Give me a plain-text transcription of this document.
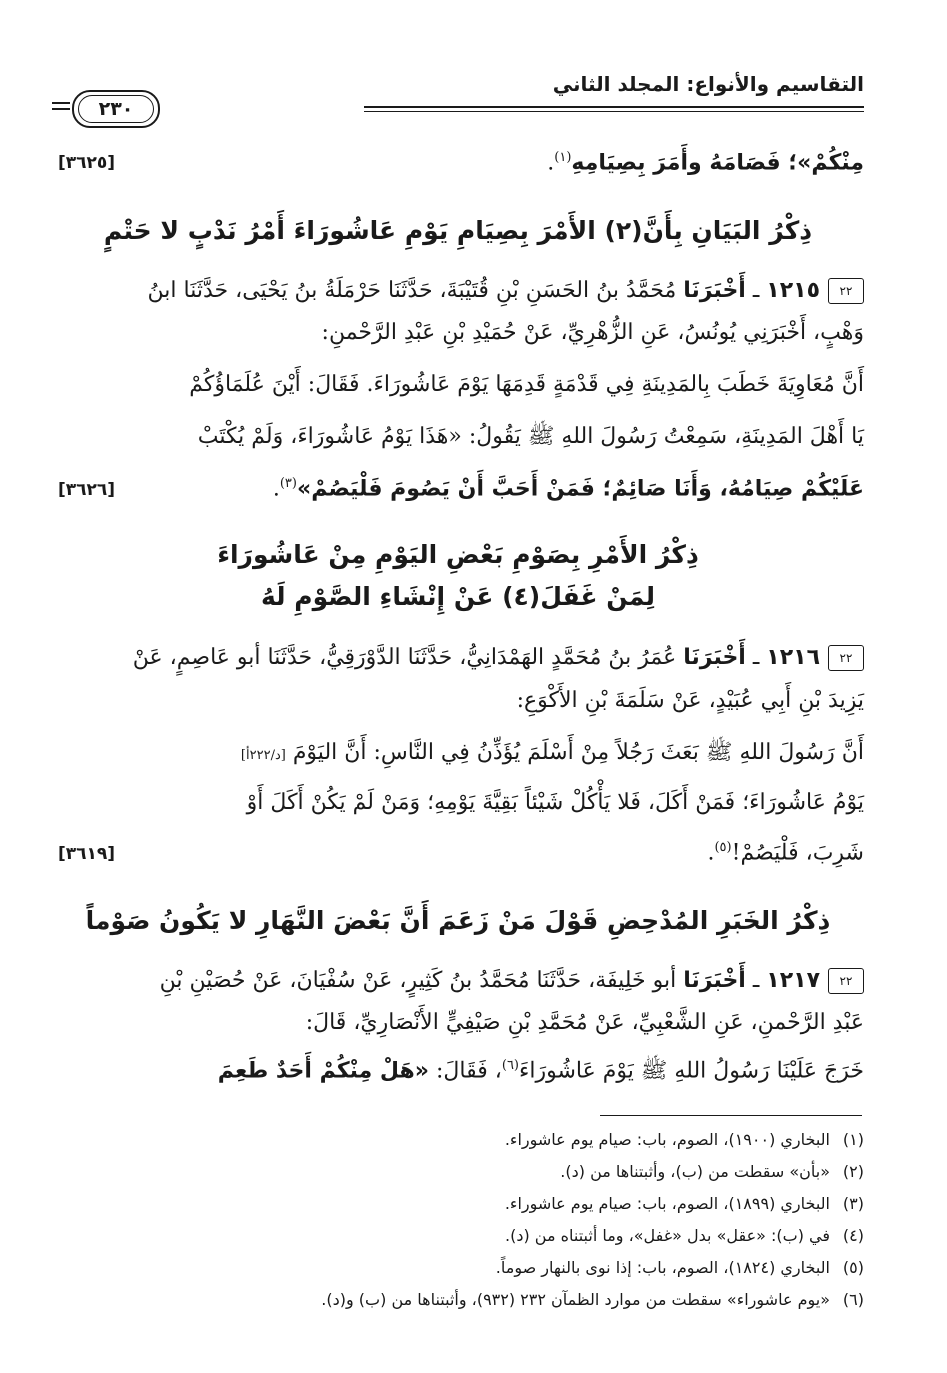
التقاسيم والأنواع: المجلد الثاني
٢٣٠
مِنْكُمْ»؛ فَصَامَهُ وأَمَرَ بِصِيَامِهِ$^{(١)}$.
[٣٦٢٥]
ذِكْرُ البَيَانِ بِأَنَّ(٢) الأَمْرَ بِصِيَامِ يَوْمِ عَاشُورَاءَ أَمْرُ نَدْبٍ لا حَتْمٍ
٢٢١٢١٥ ـ أَخْبَرَنَا مُحَمَّدُ بنُ الحَسَنِ بْنِ قُتَيْبَةَ، حَدَّثَنَا حَرْمَلَةُ بنُ يَحْيَى، حَدَّثَنَا ابنُ
وَهْبٍ، أَخْبَرَنِي يُونُسُ، عَنِ الزُّهْرِيِّ، عَنْ حُمَيْدِ بْنِ عَبْدِ الرَّحْمنِ:
أَنَّ مُعَاوِيَةَ خَطَبَ بِالمَدِينَةِ فِي قَدْمَةٍ قَدِمَهَا يَوْمَ عَاشُورَاءَ. فَقَالَ: أَيْنَ عُلَمَاؤُكُمْ
يَا أَهْلَ المَدِينَةِ، سَمِعْتُ رَسُولَ اللهِ ﷺ يَقُولُ: «هَذَا يَوْمُ عَاشُورَاءَ، وَلَمْ يُكْتَبْ
عَلَيْكُمْ صِيَامُهُ، وَأَنَا صَائِمٌ؛ فَمَنْ أَحَبَّ أَنْ يَصُومَ فَلْيَصُمْ»$^{(٣)}$.
[٣٦٢٦]
ذِكْرُ الأَمْرِ بِصَوْمِ بَعْضِ اليَوْمِ مِنْ عَاشُورَاءَ
لِمَنْ غَفَلَ(٤) عَنْ إِنْشَاءِ الصَّوْمِ لَهُ
٢٢١٢١٦ ـ أَخْبَرَنَا عُمَرُ بنُ مُحَمَّدٍ الهَمْدَانِيُّ، حَدَّثَنَا الدَّوْرَقِيُّ، حَدَّثَنَا أبو عَاصِمٍ، عَنْ
يَزِيدَ بْنِ أَبِي عُبَيْدٍ، عَنْ سَلَمَةَ بْنِ الأَكْوَعِ:
أَنَّ رَسُولَ اللهِ ﷺ بَعَثَ رَجُلاً مِنْ أَسْلَمَ يُؤَذِّنُ فِي النَّاسِ: أَنَّ اليَوْمَ [د/٢٢٢أ]
يَوْمُ عَاشُورَاءَ؛ فَمَنْ أَكَلَ، فَلا يَأْكُلْ شَيْئاً بَقِيَّةَ يَوْمِهِ؛ وَمَنْ لَمْ يَكُنْ أَكَلَ أَوْ
شَرِبَ، فَلْيَصُمْ!$^{(٥)}$.
[٣٦١٩]
ذِكْرُ الخَبَرِ المُدْحِضِ قَوْلَ مَنْ زَعَمَ أَنَّ بَعْضَ النَّهَارِ لا يَكُونُ صَوْماً
٢٢١٢١٧ ـ أَخْبَرَنَا أبو خَلِيفَة، حَدَّثَنَا مُحَمَّدُ بنُ كَثِيرٍ، عَنْ سُفْيَانَ، عَنْ حُصَيْنِ بْنِ
عَبْدِ الرَّحْمنِ، عَنِ الشَّعْبِيِّ، عَنْ مُحَمَّدِ بْنِ صَيْفِيٍّ الأَنْصَارِيِّ، قَالَ:
خَرَجَ عَلَيْنَا رَسُولُ اللهِ ﷺ يَوْمَ عَاشُورَاءَ$^{(٦)}$، فَقَالَ: «هَلْ مِنْكُمْ أَحَدٌ طَعِمَ
(١)البخاري (١٩٠٠)، الصوم، باب: صيام يوم عاشوراء.
(٢)«بأن» سقطت من (ب)، وأثبتناها من (د).
(٣)البخاري (١٨٩٩)، الصوم، باب: صيام يوم عاشوراء.
(٤)في (ب): «عقل» بدل «غفل»، وما أثبتناه من (د).
(٥)البخاري (١٨٢٤)، الصوم، باب: إذا نوى بالنهار صوماً.
(٦)«يوم عاشوراء» سقطت من موارد الظمآن ٢٣٢ (٩٣٢)، وأثبتناها من (ب) و(د).
